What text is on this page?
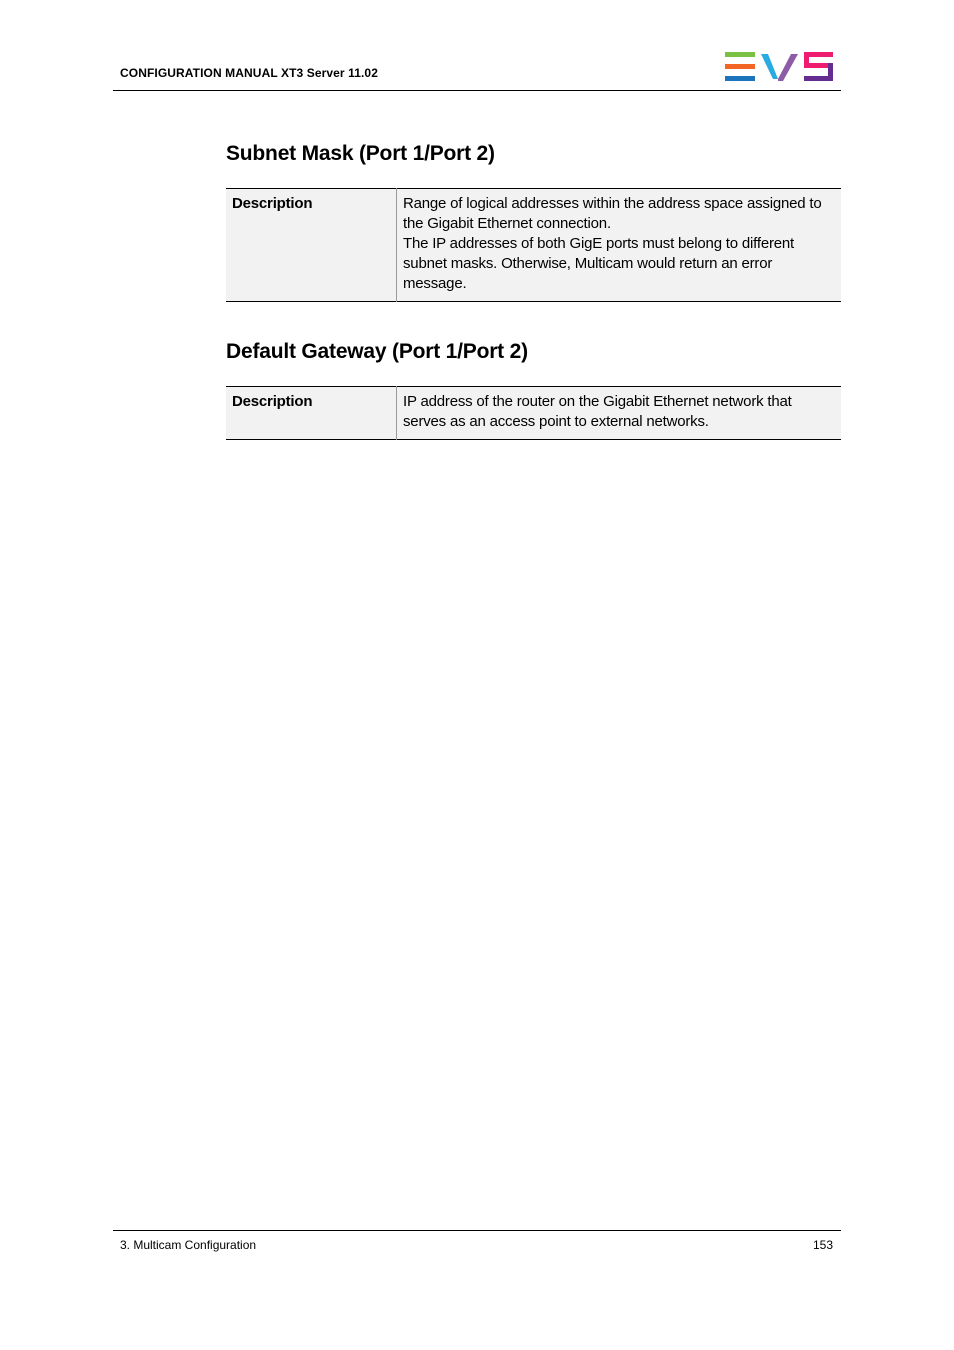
CONFIGURATION MANUAL XT3 Server 11.02
Subnet Mask (Port 1/Port 2)
Description	Range of logical addresses within the address space assigned to the Gigabit Ethernet connection.

The IP addresses of both GigE ports must belong to different subnet masks. Otherwise, Multicam would return an error message.

Default Gateway (Port 1/Port 2)
Description	IP address of the router on the Gigabit Ethernet network that serves as an access point to external networks.

3. Multicam Configuration	153
